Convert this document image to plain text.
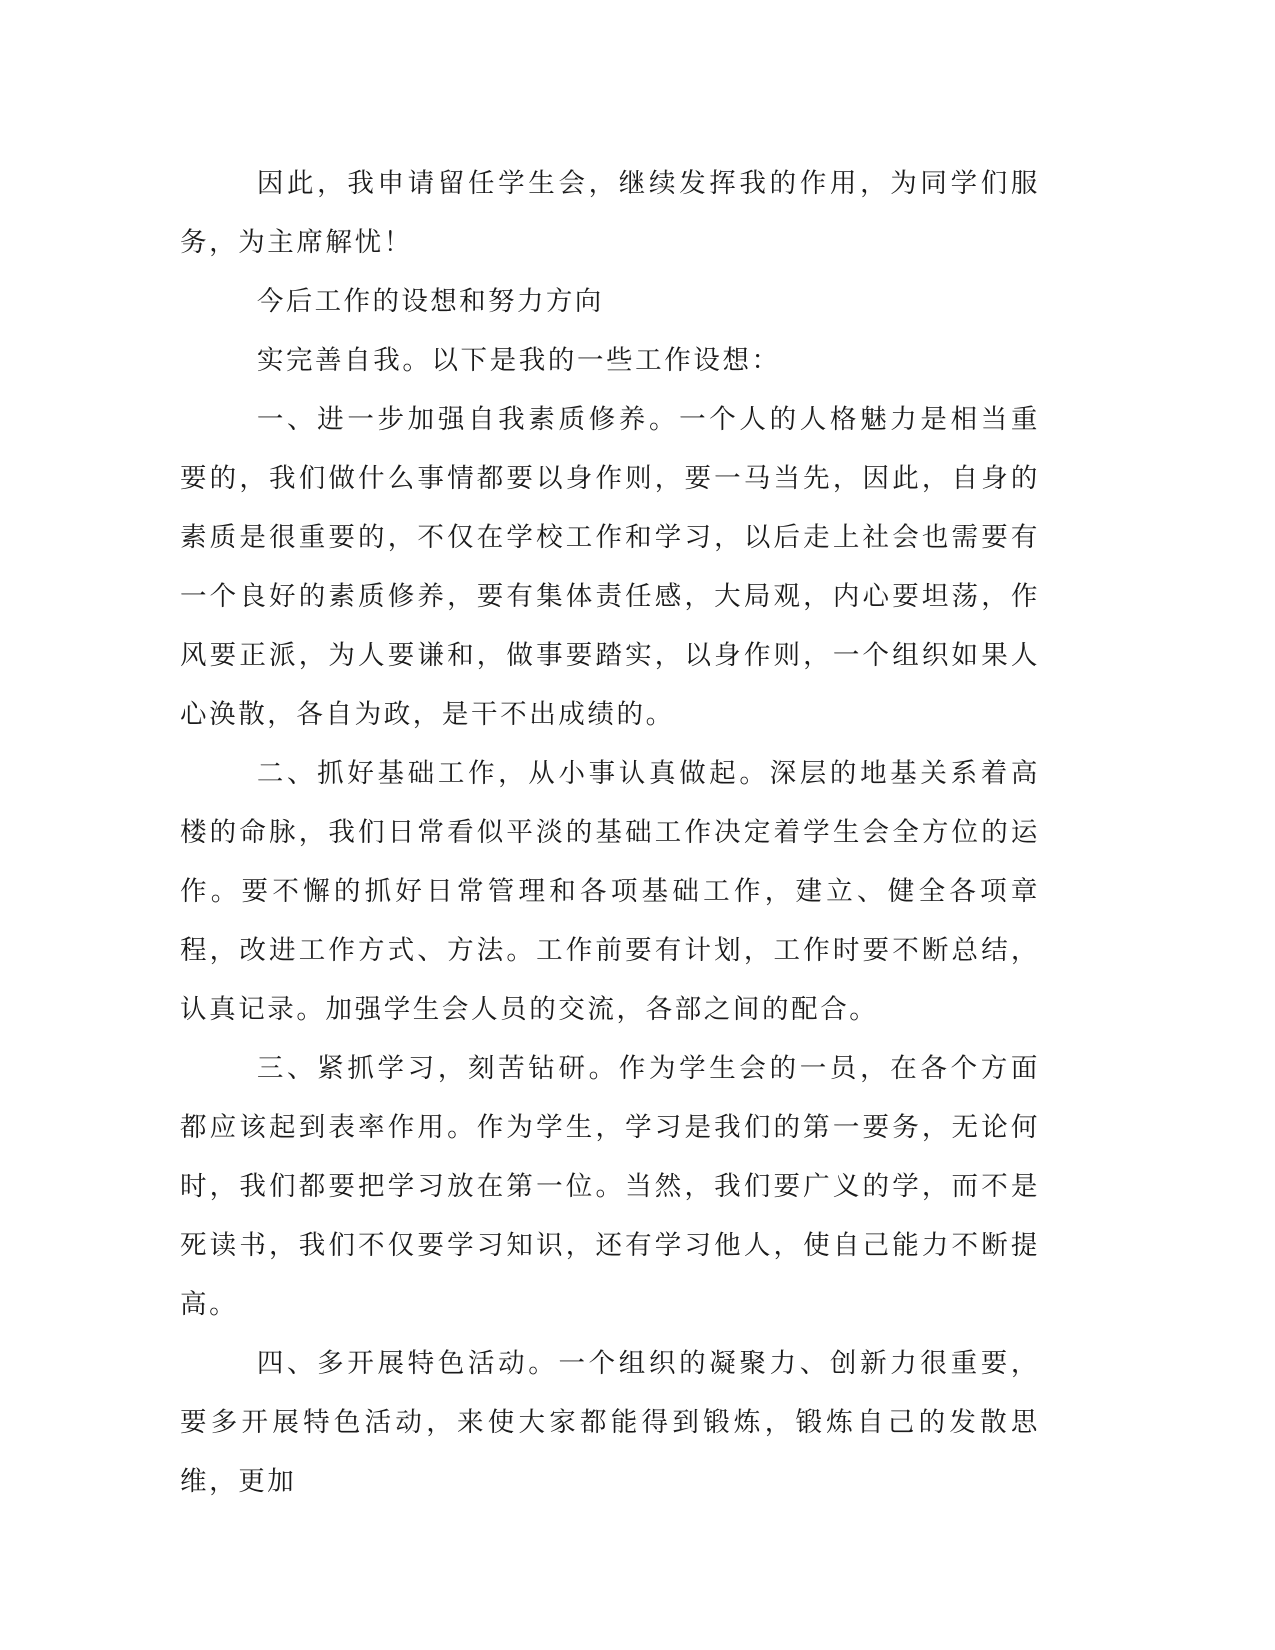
因此，我申请留任学生会，继续发挥我的作用，为同学们服务，为主席解忧！

今后工作的设想和努力方向

实完善自我。以下是我的一些工作设想：

一、进一步加强自我素质修养。一个人的人格魅力是相当重要的，我们做什么事情都要以身作则，要一马当先，因此，自身的素质是很重要的，不仅在学校工作和学习，以后走上社会也需要有一个良好的素质修养，要有集体责任感，大局观，内心要坦荡，作风要正派，为人要谦和，做事要踏实，以身作则，一个组织如果人心涣散，各自为政，是干不出成绩的。

二、抓好基础工作，从小事认真做起。深层的地基关系着高楼的命脉，我们日常看似平淡的基础工作决定着学生会全方位的运作。要不懈的抓好日常管理和各项基础工作，建立、健全各项章程，改进工作方式、方法。工作前要有计划，工作时要不断总结，认真记录。加强学生会人员的交流，各部之间的配合。

三、紧抓学习，刻苦钻研。作为学生会的一员，在各个方面都应该起到表率作用。作为学生，学习是我们的第一要务，无论何时，我们都要把学习放在第一位。当然，我们要广义的学，而不是死读书，我们不仅要学习知识，还有学习他人，使自己能力不断提高。

四、多开展特色活动。一个组织的凝聚力、创新力很重要，要多开展特色活动，来使大家都能得到锻炼，锻炼自己的发散思维，更加
